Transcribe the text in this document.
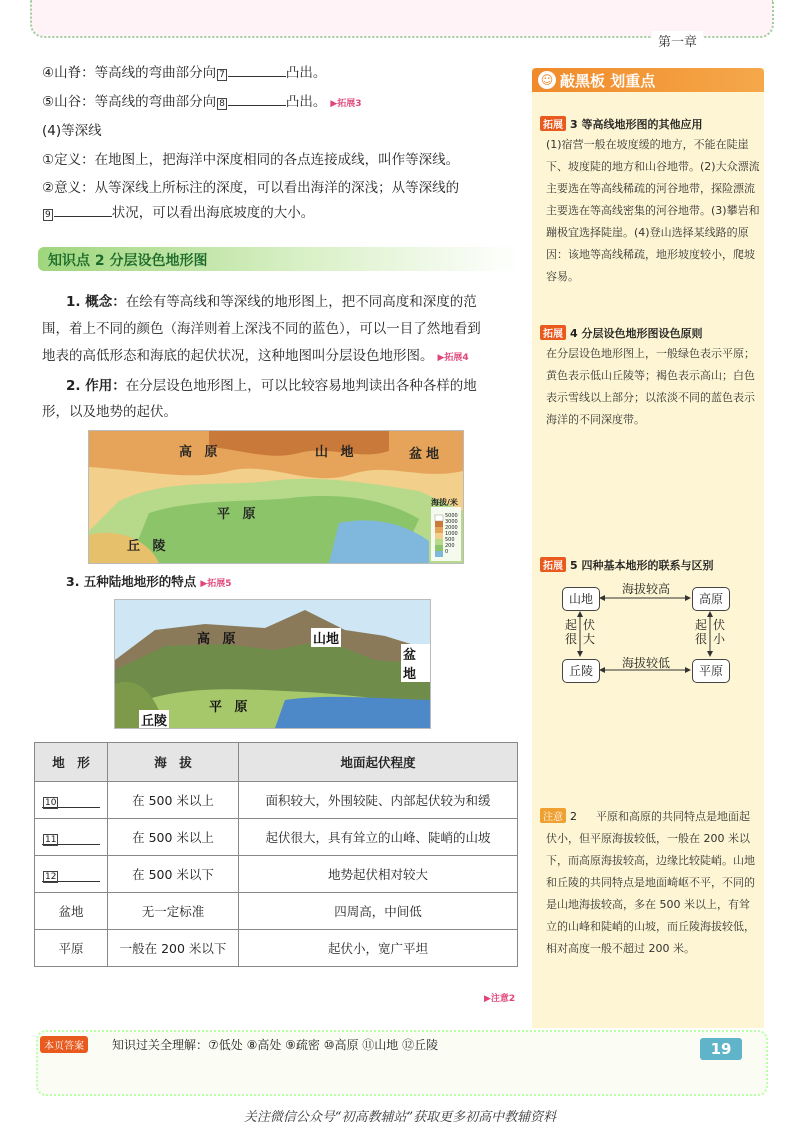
第一章
④山脊：等高线的弯曲部分向 7	凸出。
⑤山谷：等高线的弯曲部分向 8	凸出。 ▶拓展3
(4)等深线
①定义：在地图上，把海洋中深度相同的各点连接成线，叫作等深线。
②意义：从等深线上所标注的深度，可以看出海洋的深浅；从等深线的
9	状况，可以看出海底坡度的大小。
知识点 2 分层设色地形图
1. 概念：在绘有等高线和等深线的地形图上，把不同高度和深度的范
围，着上不同的颜色（海洋则着上深浅不同的蓝色），可以一目了然地看到
地表的高低形态和海底的起伏状况，这种地图叫分层设色地形图。 ▶拓展4
2. 作用：在分层设色地形图上，可以比较容易地判读出各种各样的地
形，以及地势的起伏。
高 原	山 地	盆地
平 原
丘 陵
海拔/米
5000
3000
2000
1000
500
200
0
3. 五种陆地地形的特点 ▶拓展5
高 原	山地
盆地
平 原
丘陵
地　形	海　拔	地面起伏程度
10	在 500 米以上	面积较大，外围较陡、内部起伏较为和缓
11	在 500 米以上	起伏很大，具有耸立的山峰、陡峭的山坡
12	在 500 米以下	地势起伏相对较大
盆地	无一定标准	四周高，中间低
平原	一般在 200 米以下	起伏小，宽广平坦
▶注意2
☺ 敲黑板 划重点
拓展 3 等高线地形图的其他应用
(1)宿营一般在坡度缓的地方，不能在陡崖下、坡度陡的地方和山谷地带。(2)大众漂流主要选在等高线稀疏的河谷地带，探险漂流主要选在等高线密集的河谷地带。(3)攀岩和蹦极宜选择陡崖。(4)登山选择某线路的原因：该地等高线稀疏，地形坡度较小，爬坡容易。
拓展 4 分层设色地形图设色原则
在分层设色地形图上，一般绿色表示平原；黄色表示低山丘陵等；褐色表示高山；白色表示雪线以上部分；以浓淡不同的蓝色表示海洋的不同深度带。
拓展 5 四种基本地形的联系与区别
山地	高原
丘陵	平原
海拔较高
海拔较低
起
很
伏
大
起
很
伏
小
注意 2	平原和高原的共同特点是地面起伏小，但平原海拔较低，一般在 200 米以下，而高原海拔较高，边缘比较陡峭。山地和丘陵的共同特点是地面崎岖不平，不同的是山地海拔较高，多在 500 米以上，有耸立的山峰和陡峭的山坡，而丘陵海拔较低，相对高度一般不超过 200 米。
本页答案	知识过关全理解：⑦低处 ⑧高处 ⑨疏密 ⑩高原 ⑪山地 ⑫丘陵	19
关注微信公众号“初高教辅站”获取更多初高中教辅资料
